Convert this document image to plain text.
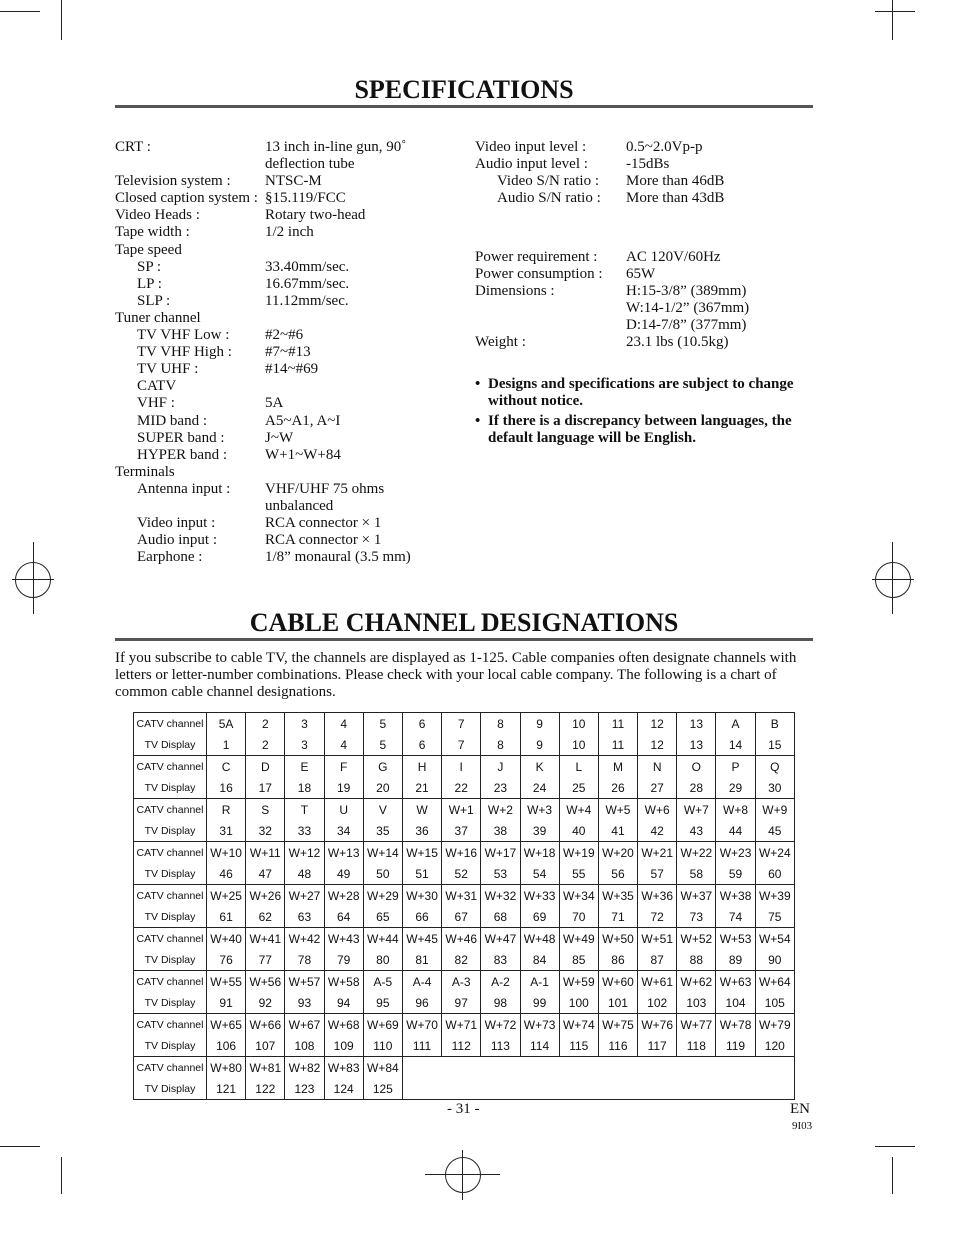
SPECIFICATIONS
CRT :	13 inch in-line gun, 90˚
deflection tube
Television system : NTSC-M
Closed caption system : §15.119/FCC
Video Heads :	Rotary two-head
Tape width :	1/2 inch
Tape speed
SP :	33.40mm/sec.
LP :	16.67mm/sec.
SLP :	11.12mm/sec.
Tuner channel
TV VHF Low : #2~#6
TV VHF High : #7~#13
TV UHF :	#14~#69
CATV
VHF :	5A
MID band :	A5~A1, A~I
SUPER band :	J~W
HYPER band :	W+1~W+84
Terminals
Antenna input : VHF/UHF 75 ohms
unbalanced
Video input :	RCA connector × 1
Audio input :	RCA connector × 1
Earphone :	1/8” monaural (3.5 mm)
Video input level :	0.5~2.0Vp-p
Audio input level :	-15dBs
Video S/N ratio : More than 46dB
Audio S/N ratio : More than 43dB
Power requirement : AC 120V/60Hz
Power consumption : 65W
Dimensions :	H:15-3/8” (389mm)
W:14-1/2” (367mm)
D:14-7/8” (377mm)
Weight :	23.1 lbs (10.5kg)
• Designs and specifications are subject to change without notice.
• If there is a discrepancy between languages, the default language will be English.
CABLE CHANNEL DESIGNATIONS

If you subscribe to cable TV, the channels are displayed as 1-125. Cable companies often designate channels with letters or letter-number combinations. Please check with your local cable company. The following is a chart of common cable channel designations.

CATV channel	5A	2	3	4	5	6	7	8	9	10	11	12	13	A	B
TV Display	1	2	3	4	5	6	7	8	9	10	11	12	13	14	15
CATV channel	C	D	E	F	G	H	I	J	K	L	M	N	O	P	Q
TV Display	16	17	18	19	20	21	22	23	24	25	26	27	28	29	30
CATV channel	R	S	T	U	V	W	W+1	W+2	W+3	W+4	W+5	W+6	W+7	W+8	W+9
TV Display	31	32	33	34	35	36	37	38	39	40	41	42	43	44	45
CATV channel	W+10	W+11	W+12	W+13	W+14	W+15	W+16	W+17	W+18	W+19	W+20	W+21	W+22	W+23	W+24
TV Display	46	47	48	49	50	51	52	53	54	55	56	57	58	59	60
CATV channel	W+25	W+26	W+27	W+28	W+29	W+30	W+31	W+32	W+33	W+34	W+35	W+36	W+37	W+38	W+39
TV Display	61	62	63	64	65	66	67	68	69	70	71	72	73	74	75
CATV channel	W+40	W+41	W+42	W+43	W+44	W+45	W+46	W+47	W+48	W+49	W+50	W+51	W+52	W+53	W+54
TV Display	76	77	78	79	80	81	82	83	84	85	86	87	88	89	90
CATV channel	W+55	W+56	W+57	W+58	A-5	A-4	A-3	A-2	A-1	W+59	W+60	W+61	W+62	W+63	W+64
TV Display	91	92	93	94	95	96	97	98	99	100	101	102	103	104	105
CATV channel	W+65	W+66	W+67	W+68	W+69	W+70	W+71	W+72	W+73	W+74	W+75	W+76	W+77	W+78	W+79
TV Display	106	107	108	109	110	111	112	113	114	115	116	117	118	119	120
CATV channel	W+80	W+81	W+82	W+83	W+84										
TV Display	121	122	123	124	125										
- 31 -	EN
9I03
